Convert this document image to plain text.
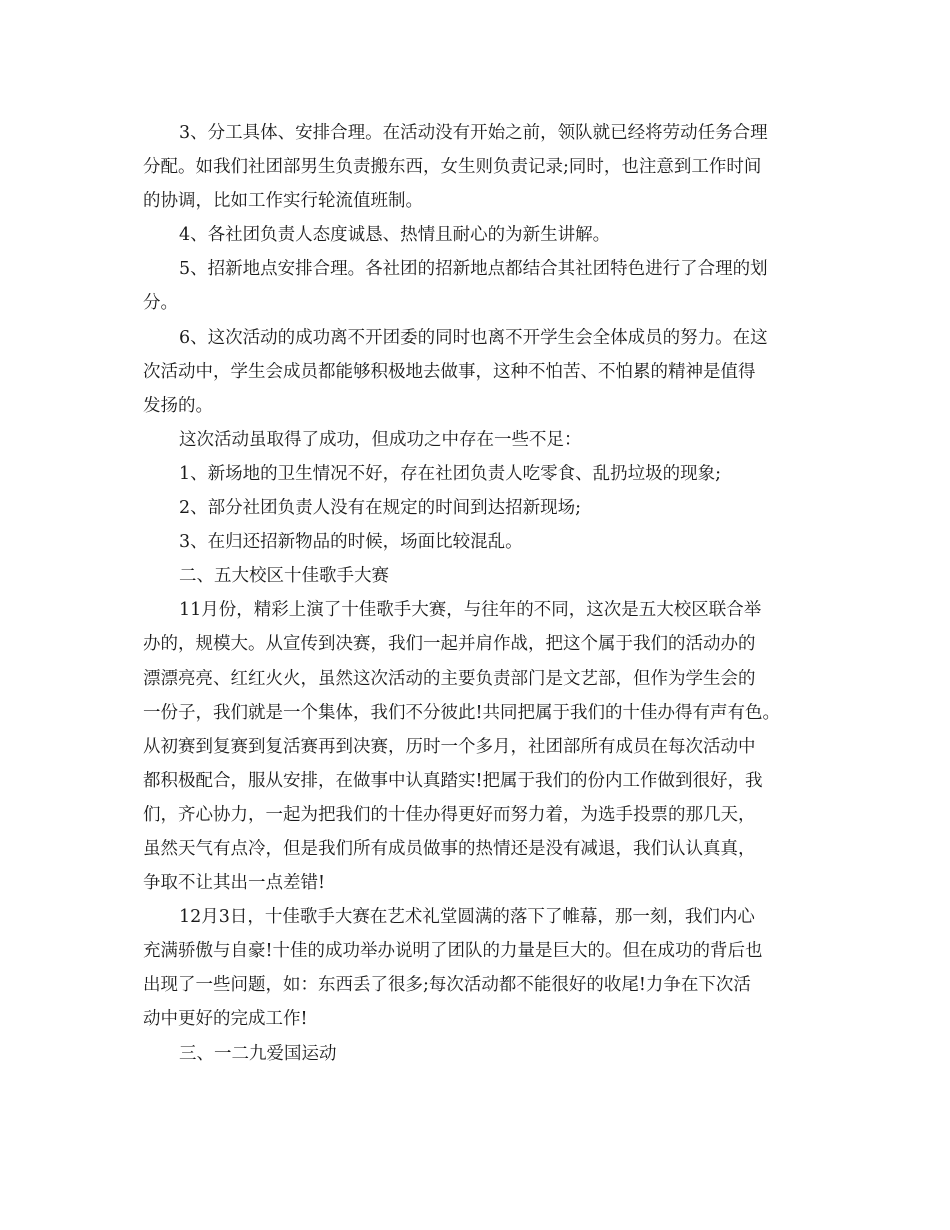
3、分工具体、安排合理。在活动没有开始之前，领队就已经将劳动任务合理
分配。如我们社团部男生负责搬东西，女生则负责记录;同时，也注意到工作时间
的协调，比如工作实行轮流值班制。
4、各社团负责人态度诚恳、热情且耐心的为新生讲解。
5、招新地点安排合理。各社团的招新地点都结合其社团特色进行了合理的划
分。
6、这次活动的成功离不开团委的同时也离不开学生会全体成员的努力。在这
次活动中，学生会成员都能够积极地去做事，这种不怕苦、不怕累的精神是值得
发扬的。
这次活动虽取得了成功，但成功之中存在一些不足：
1、新场地的卫生情况不好，存在社团负责人吃零食、乱扔垃圾的现象;
2、部分社团负责人没有在规定的时间到达招新现场;
3、在归还招新物品的时候，场面比较混乱。
二、五大校区十佳歌手大赛
11月份，精彩上演了十佳歌手大赛，与往年的不同，这次是五大校区联合举
办的，规模大。从宣传到决赛，我们一起并肩作战，把这个属于我们的活动办的
漂漂亮亮、红红火火，虽然这次活动的主要负责部门是文艺部，但作为学生会的
一份子，我们就是一个集体，我们不分彼此!共同把属于我们的十佳办得有声有色。
从初赛到复赛到复活赛再到决赛，历时一个多月，社团部所有成员在每次活动中
都积极配合，服从安排，在做事中认真踏实!把属于我们的份内工作做到很好，我
们，齐心协力，一起为把我们的十佳办得更好而努力着，为选手投票的那几天，
虽然天气有点冷，但是我们所有成员做事的热情还是没有减退，我们认认真真，
争取不让其出一点差错!
12月3日，十佳歌手大赛在艺术礼堂圆满的落下了帷幕，那一刻，我们内心
充满骄傲与自豪!十佳的成功举办说明了团队的力量是巨大的。但在成功的背后也
出现了一些问题，如：东西丢了很多;每次活动都不能很好的收尾!力争在下次活
动中更好的完成工作!
三、一二九爱国运动
